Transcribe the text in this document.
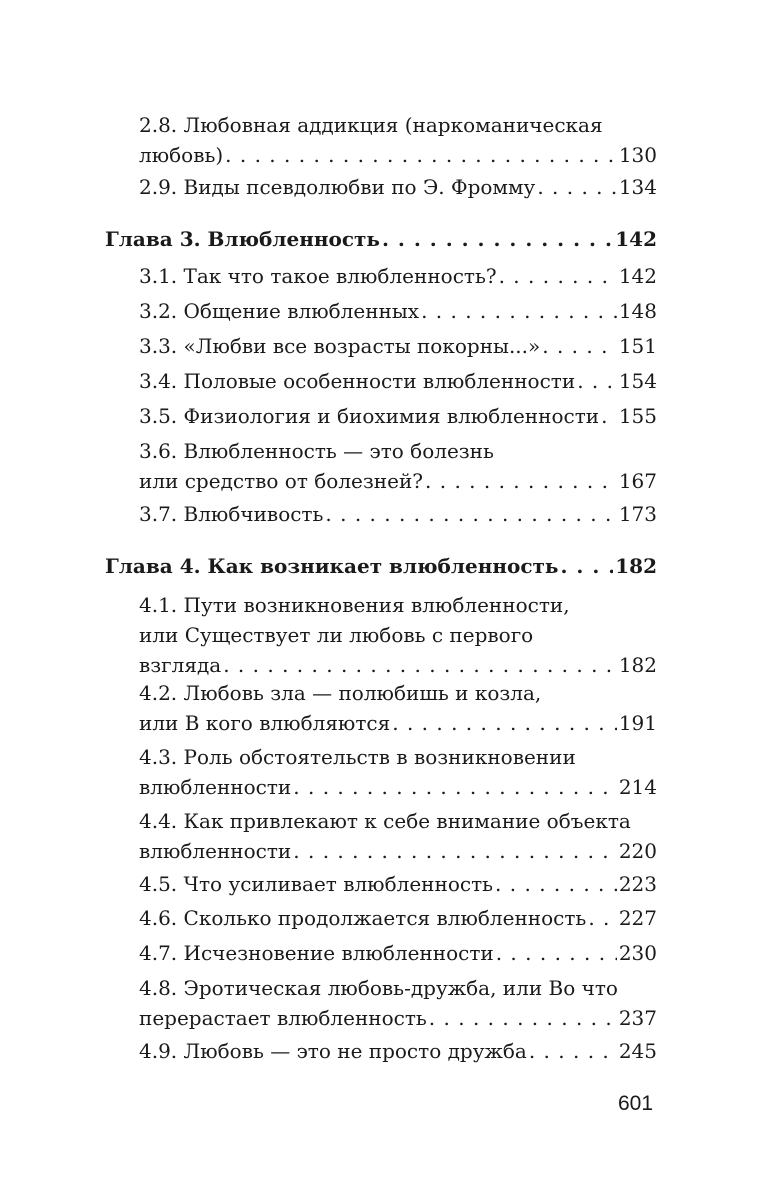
2.8. Любовная аддикция (наркоманическая
любовь) . . .	130
2.9. Виды псевдолюбви по Э. Фромму . . .	134
Глава 3. Влюбленность . . .	142
3.1. Так что такое влюбленность? . . .	142
3.2. Общение влюбленных . . .	148
3.3. «Любви все возрасты покорны...» . . .	151
3.4. Половые особенности влюбленности . . . 154
3.5. Физиология и биохимия влюбленности . . . 155
3.6. Влюбленность — это болезнь
или средство от болезней? . . .	167
3.7. Влюбчивость . . .	173
Глава 4. Как возникает влюбленность . . .	182
4.1. Пути возникновения влюбленности,
или Существует ли любовь с первого
взгляда . . .	182
4.2. Любовь зла — полюбишь и козла,
или В кого влюбляются . . .	191
4.3. Роль обстоятельств в возникновении
влюбленности . . .	214
4.4. Как привлекают к себе внимание объекта
влюбленности . . .	220
4.5. Что усиливает влюбленность . . .	223
4.6. Сколько продолжается влюбленность . . . 227
4.7. Исчезновение влюбленности . . .	230
4.8. Эротическая любовь-дружба, или Во что
перерастает влюбленность . . .	237
4.9. Любовь — это не просто дружба . . .	245
601
